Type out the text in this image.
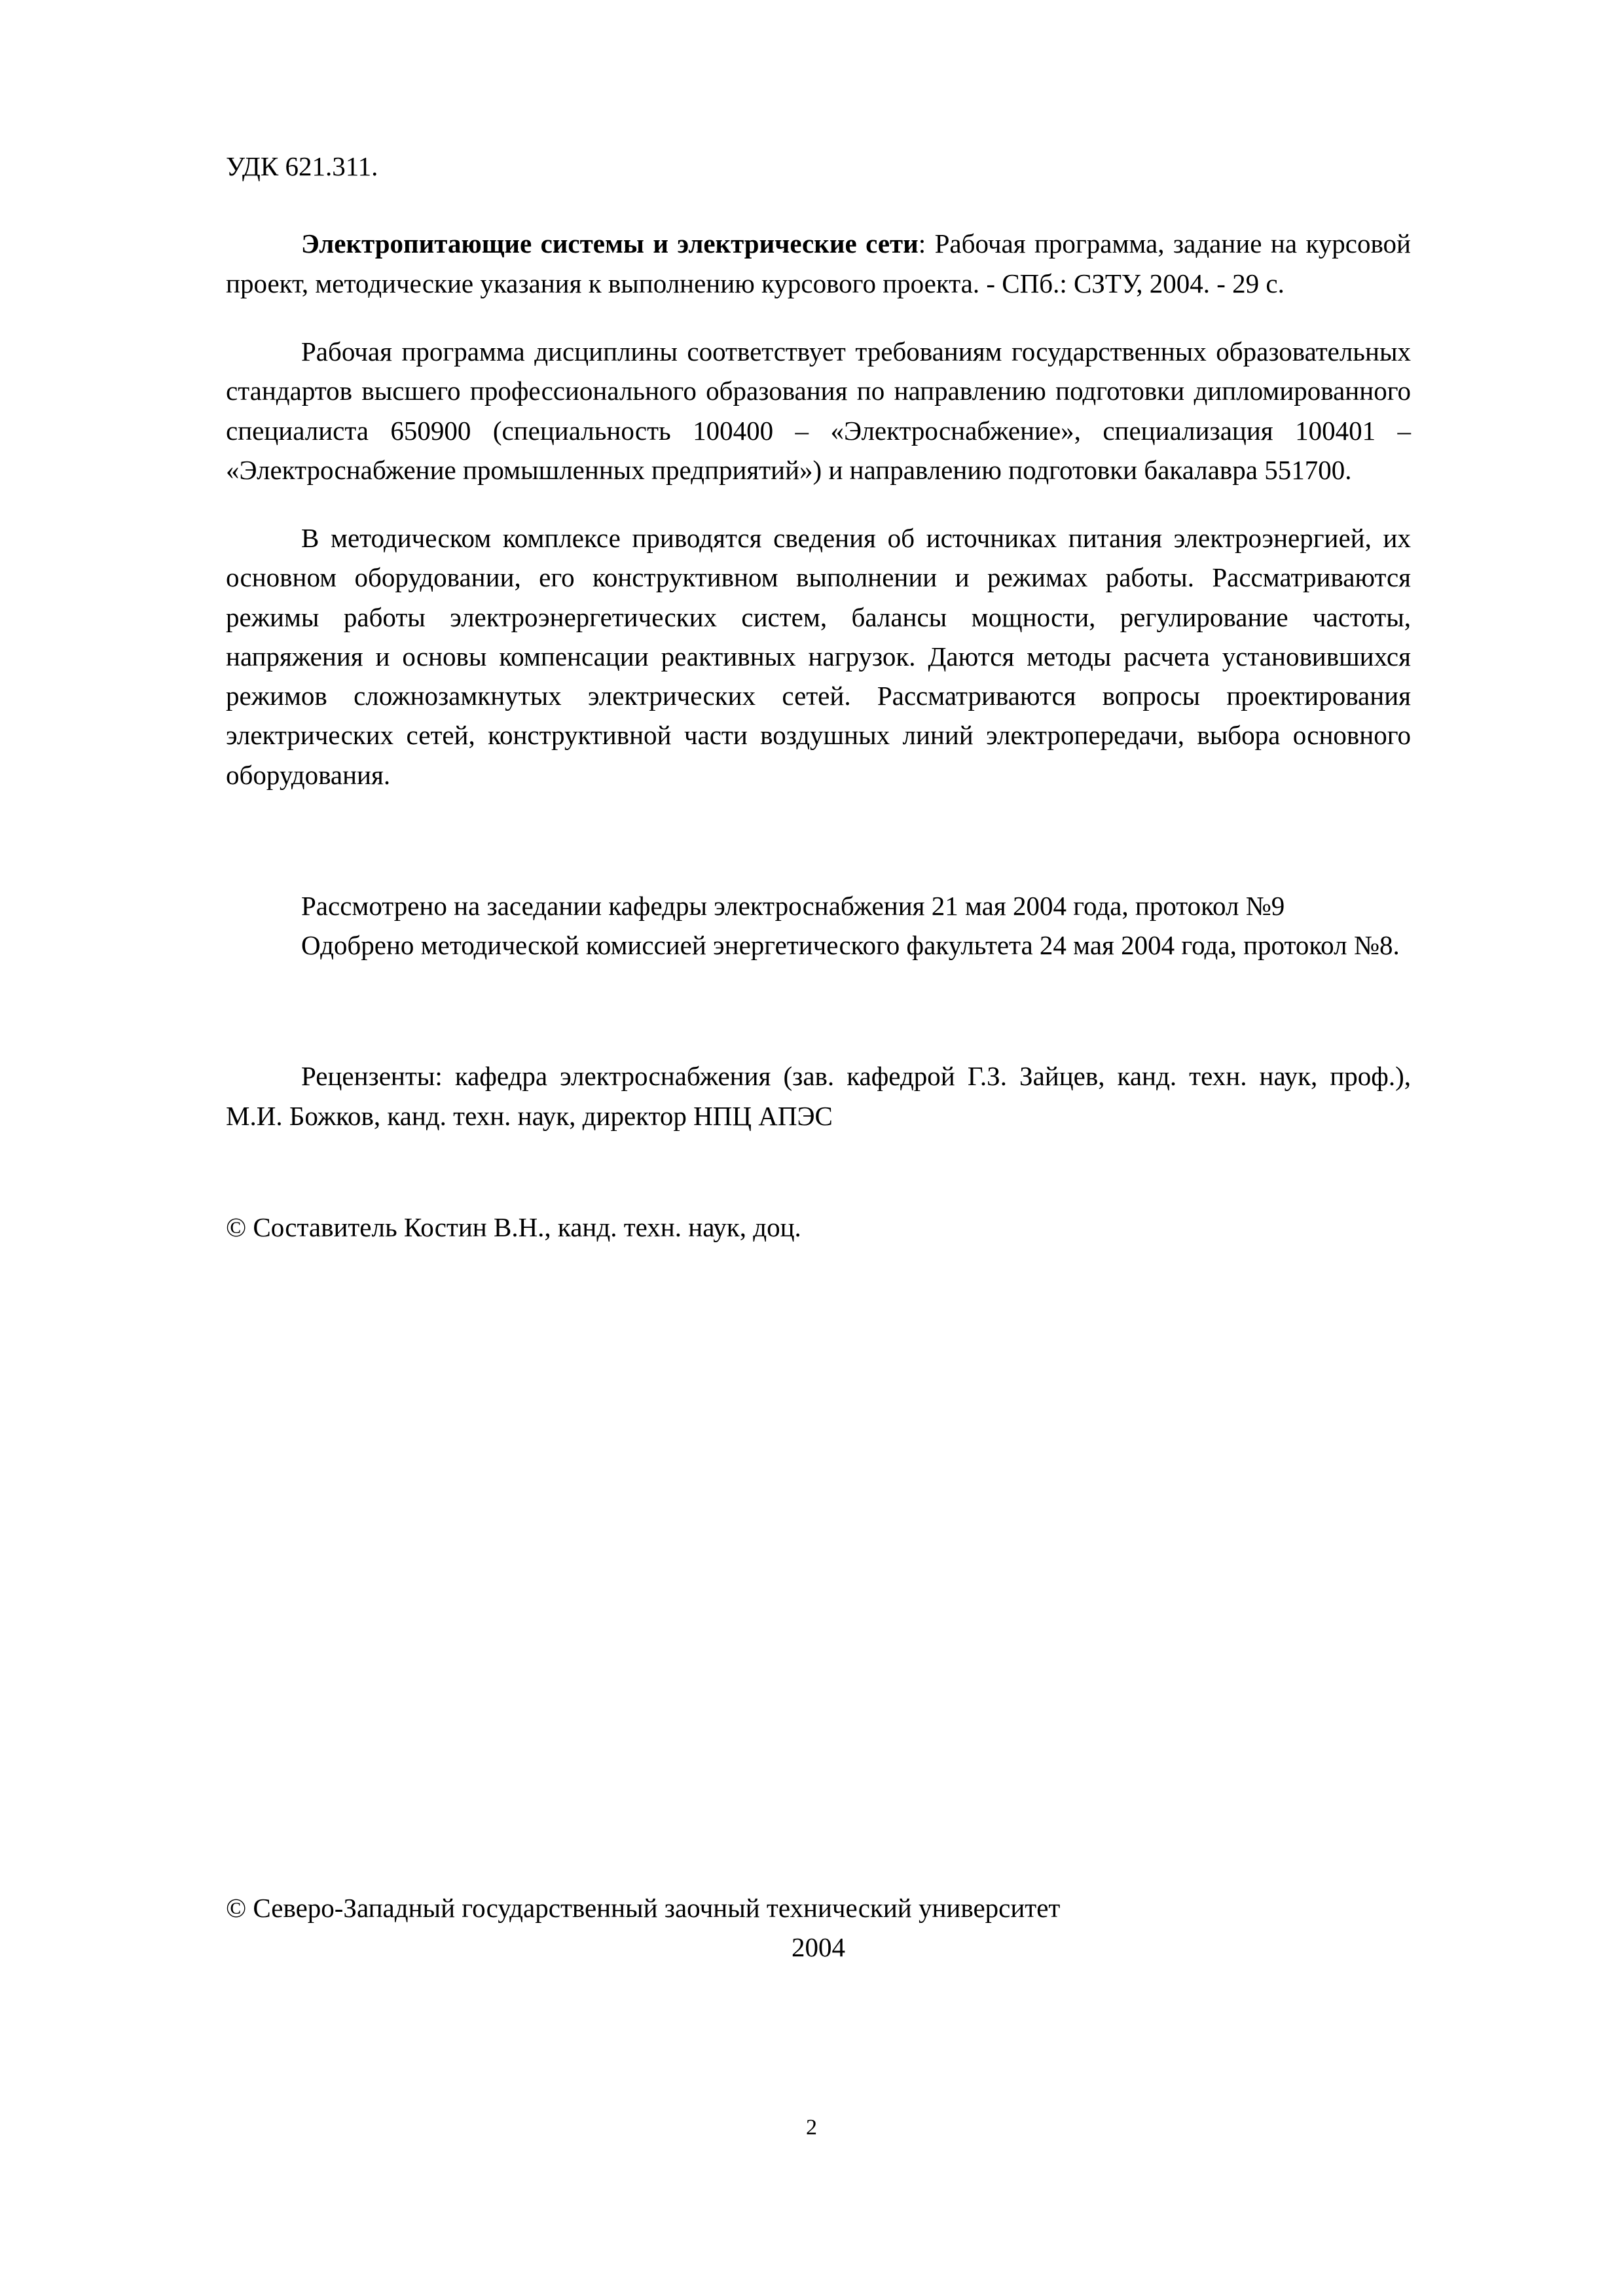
УДК 621.311.

Электропитающие системы и электрические сети: Рабочая программа, задание на курсовой проект, методические указания к выполнению курсового проекта. - СПб.: СЗТУ, 2004. - 29 с.

Рабочая программа дисциплины соответствует требованиям государственных образовательных стандартов высшего профессионального образования по направлению подготовки дипломированного специалиста 650900 (специальность 100400 – «Электроснабжение», специализация 100401 – «Электроснабжение промышленных предприятий») и направлению подготовки бакалавра 551700.

В методическом комплексе приводятся сведения об источниках питания электроэнергией, их основном оборудовании, его конструктивном выполнении и режимах работы. Рассматриваются режимы работы электроэнергетических систем, балансы мощности, регулирование частоты, напряжения и основы компенсации реактивных нагрузок. Даются методы расчета установившихся режимов сложнозамкнутых электрических сетей. Рассматриваются вопросы проектирования электрических сетей, конструктивной части воздушных линий электропередачи, выбора основного оборудования.

Рассмотрено на заседании кафедры электроснабжения 21 мая 2004 года, протокол №9

Одобрено методической комиссией энергетического факультета 24 мая 2004 года, протокол №8.

Рецензенты: кафедра электроснабжения (зав. кафедрой Г.З. Зайцев, канд. техн. наук, проф.), М.И. Божков, канд. техн. наук, директор НПЦ АПЭС

© Составитель Костин В.Н., канд. техн. наук, доц.

© Северо-Западный государственный заочный технический университет

2004

2
